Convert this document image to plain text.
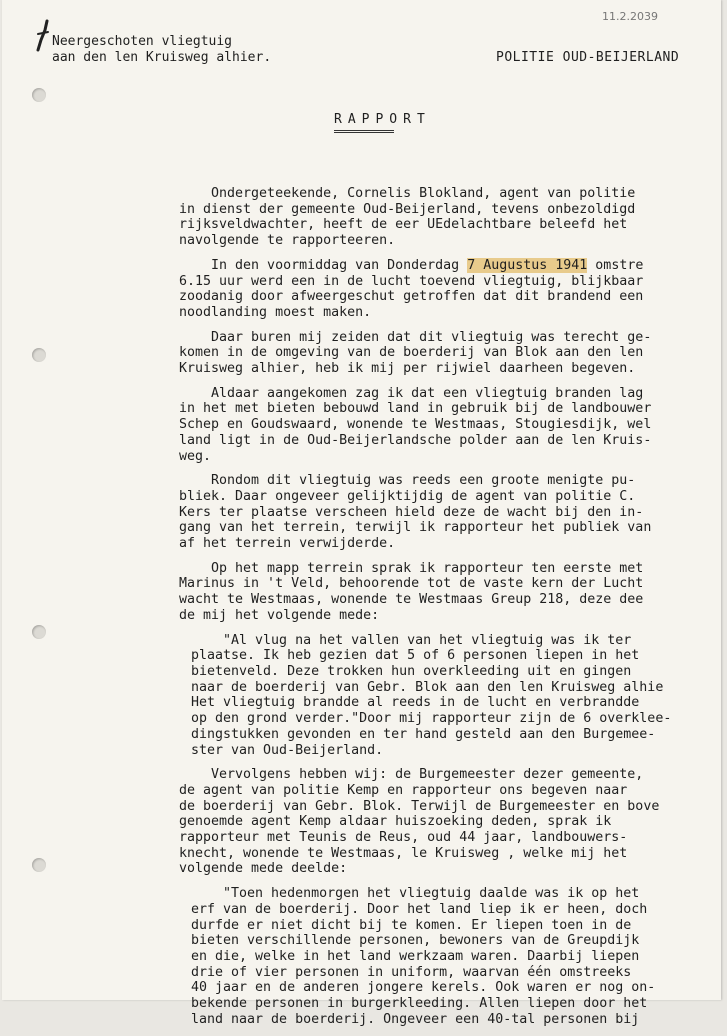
11.2.2039
Neergeschoten vliegtuig
aan den len Kruisweg alhier.	POLITIE OUD-BEIJERLAND
RAPPORT
Ondergeteekende, Cornelis Blokland, agent van politie
in dienst der gemeente Oud-Beijerland, tevens onbezoldigd
rijksveldwachter, heeft de eer UEdelachtbare beleefd het
navolgende te rapporteeren.
In den voormiddag van Donderdag 7 Augustus 1941 omstre
6.15 uur werd een in de lucht toevend vliegtuig, blijkbaar
zoodanig door afweergeschut getroffen dat dit brandend een
noodlanding moest maken.
Daar buren mij zeiden dat dit vliegtuig was terecht ge-
komen in de omgeving van de boerderij van Blok aan den len
Kruisweg alhier, heb ik mij per rijwiel daarheen begeven.
Aldaar aangekomen zag ik dat een vliegtuig branden lag
in het met bieten bebouwd land in gebruik bij de landbouwer
Schep en Goudswaard, wonende te Westmaas, Stougiesdijk, wel
land ligt in de Oud-Beijerlandsche polder aan de len Kruis-
weg.
Rondom dit vliegtuig was reeds een groote menigte pu-
bliek. Daar ongeveer gelijktijdig de agent van politie C.
Kers ter plaatse verscheen hield deze de wacht bij den in-
gang van het terrein, terwijl ik rapporteur het publiek van
af het terrein verwijderde.
Op het mapp terrein sprak ik rapporteur ten eerste met
Marinus in 't Veld, behoorende tot de vaste kern der Lucht
wacht te Westmaas, wonende te Westmaas Greup 218, deze dee
de mij het volgende mede:
"Al vlug na het vallen van het vliegtuig was ik ter
plaatse. Ik heb gezien dat 5 of 6 personen liepen in het
bietenveld. Deze trokken hun overkleeding uit en gingen
naar de boerderij van Gebr. Blok aan den len Kruisweg alhie
Het vliegtuig brandde al reeds in de lucht en verbrandde
op den grond verder."Door mij rapporteur zijn de 6 overklee-
dingstukken gevonden en ter hand gesteld aan den Burgemee-
ster van Oud-Beijerland.
Vervolgens hebben wij: de Burgemeester dezer gemeente,
de agent van politie Kemp en rapporteur ons begeven naar
de boerderij van Gebr. Blok. Terwijl de Burgemeester en bove
genoemde agent Kemp aldaar huiszoeking deden, sprak ik
rapporteur met Teunis de Reus, oud 44 jaar, landbouwers-
knecht, wonende te Westmaas, le Kruisweg , welke mij het
volgende mede deelde:
"Toen hedenmorgen het vliegtuig daalde was ik op het
erf van de boerderij. Door het land liep ik er heen, doch
durfde er niet dicht bij te komen. Er liepen toen in de
bieten verschillende personen, bewoners van de Greupdijk
en die, welke in het land werkzaam waren. Daarbij liepen
drie of vier personen in uniform, waarvan één omstreeks
40 jaar en de anderen jongere kerels. Ook waren er nog on-
bekende personen in burgerkleeding. Allen liepen door het
land naar de boerderij. Ongeveer een 40-tal personen bij
